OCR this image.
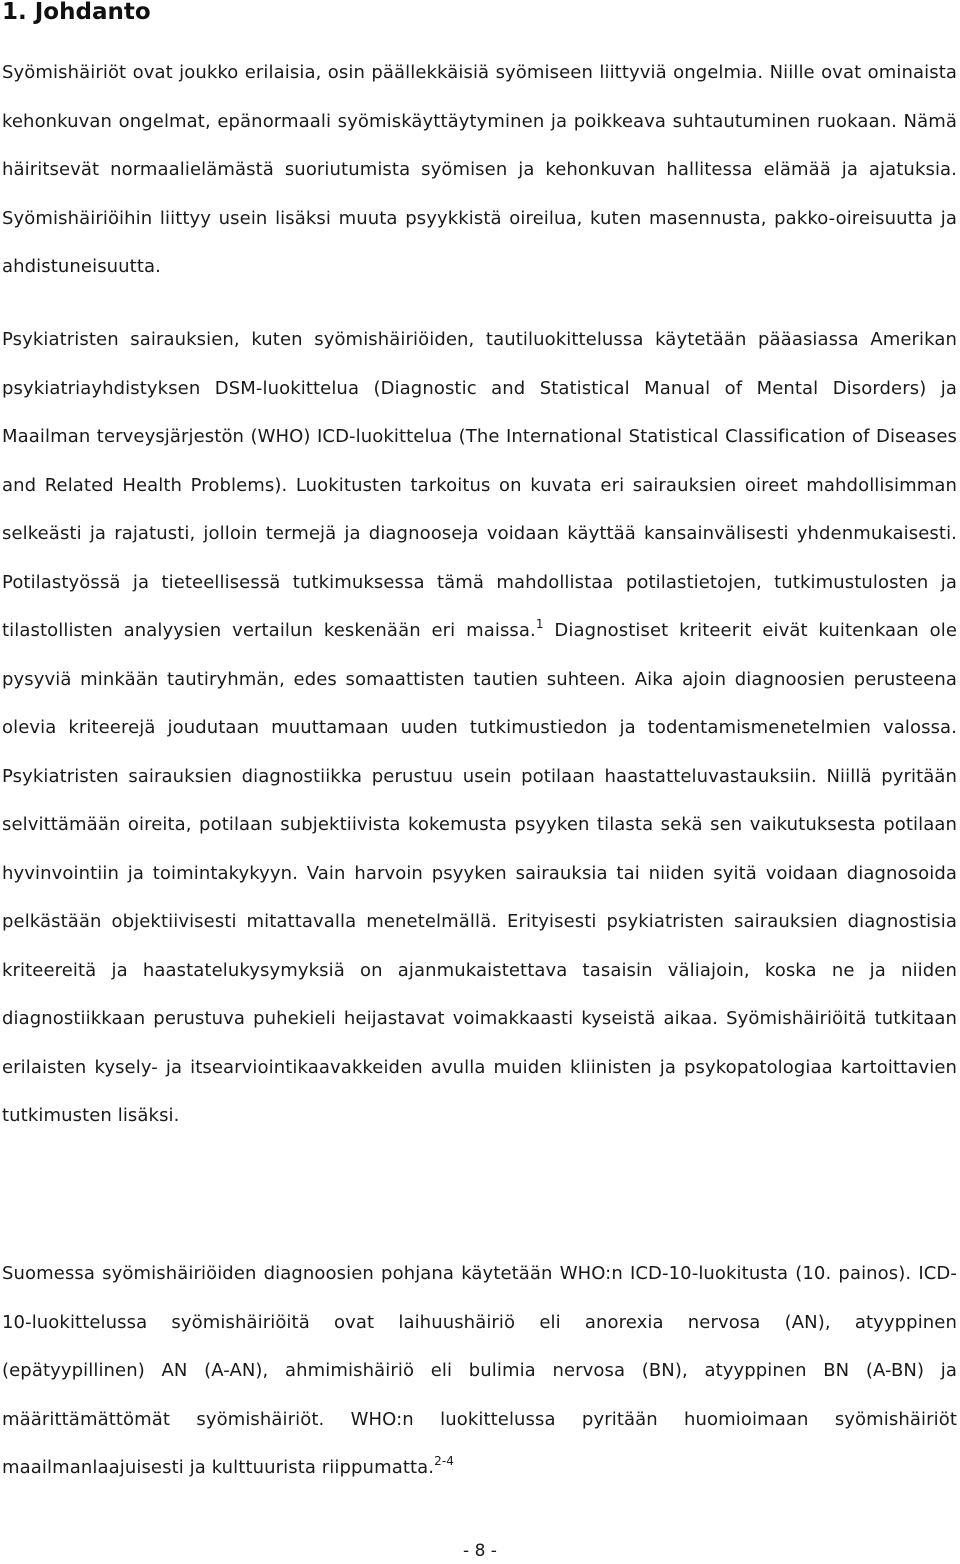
1. Johdanto

Syömishäiriöt ovat joukko erilaisia, osin päällekkäisiä syömiseen liittyviä ongelmia. Niille ovat ominaista kehonkuvan ongelmat, epänormaali syömiskäyttäytyminen ja poikkeava suhtautuminen ruokaan. Nämä häiritsevät normaalielämästä suoriutumista syömisen ja kehonkuvan hallitessa elämää ja ajatuksia. Syömishäiriöihin liittyy usein lisäksi muuta psyykkistä oireilua, kuten masennusta, pakko-oireisuutta ja ahdistuneisuutta.

Psykiatristen sairauksien, kuten syömishäiriöiden, tautiluokittelussa käytetään pääasiassa Amerikan psykiatriayhdistyksen DSM-luokittelua (Diagnostic and Statistical Manual of Mental Disorders) ja Maailman terveysjärjestön (WHO) ICD-luokittelua (The International Statistical Classification of Diseases and Related Health Problems). Luokitusten tarkoitus on kuvata eri sairauksien oireet mahdollisimman selkeästi ja rajatusti, jolloin termejä ja diagnooseja voidaan käyttää kansainvälisesti yhdenmukaisesti. Potilastyössä ja tieteellisessä tutkimuksessa tämä mahdollistaa potilastietojen, tutkimustulosten ja tilastollisten analyysien vertailun keskenään eri maissa.$^1$ Diagnostiset kriteerit eivät kuitenkaan ole pysyviä minkään tautiryhmän, edes somaattisten tautien suhteen. Aika ajoin diagnoosien perusteena olevia kriteerejä joudutaan muuttamaan uuden tutkimustiedon ja todentamismenetelmien valossa. Psykiatristen sairauksien diagnostiikka perustuu usein potilaan haastatteluvastauksiin. Niillä pyritään selvittämään oireita, potilaan subjektiivista kokemusta psyyken tilasta sekä sen vaikutuksesta potilaan hyvinvointiin ja toimintakykyyn. Vain harvoin psyyken sairauksia tai niiden syitä voidaan diagnosoida pelkästään objektiivisesti mitattavalla menetelmällä. Erityisesti psykiatristen sairauksien diagnostisia kriteereitä ja haastatelukysymyksiä on ajanmukaistettava tasaisin väliajoin, koska ne ja niiden diagnostiikkaan perustuva puhekieli heijastavat voimakkaasti kyseistä aikaa. Syömishäiriöitä tutkitaan erilaisten kysely- ja itsearviointikaavakkeiden avulla muiden kliinisten ja psykopatologiaa kartoittavien tutkimusten lisäksi.

Suomessa syömishäiriöiden diagnoosien pohjana käytetään WHO:n ICD-10-luokitusta (10. painos). ICD-10-luokittelussa syömishäiriöitä ovat laihuushäiriö eli anorexia nervosa (AN), atyyppinen (epätyypillinen) AN (A-AN), ahmimishäiriö eli bulimia nervosa (BN), atyyppinen BN (A-BN) ja määrittämättömät syömishäiriöt. WHO:n luokittelussa pyritään huomioimaan syömishäiriöt maailmanlaajuisesti ja kulttuurista riippumatta.$^{2-4}$

- 8 -
